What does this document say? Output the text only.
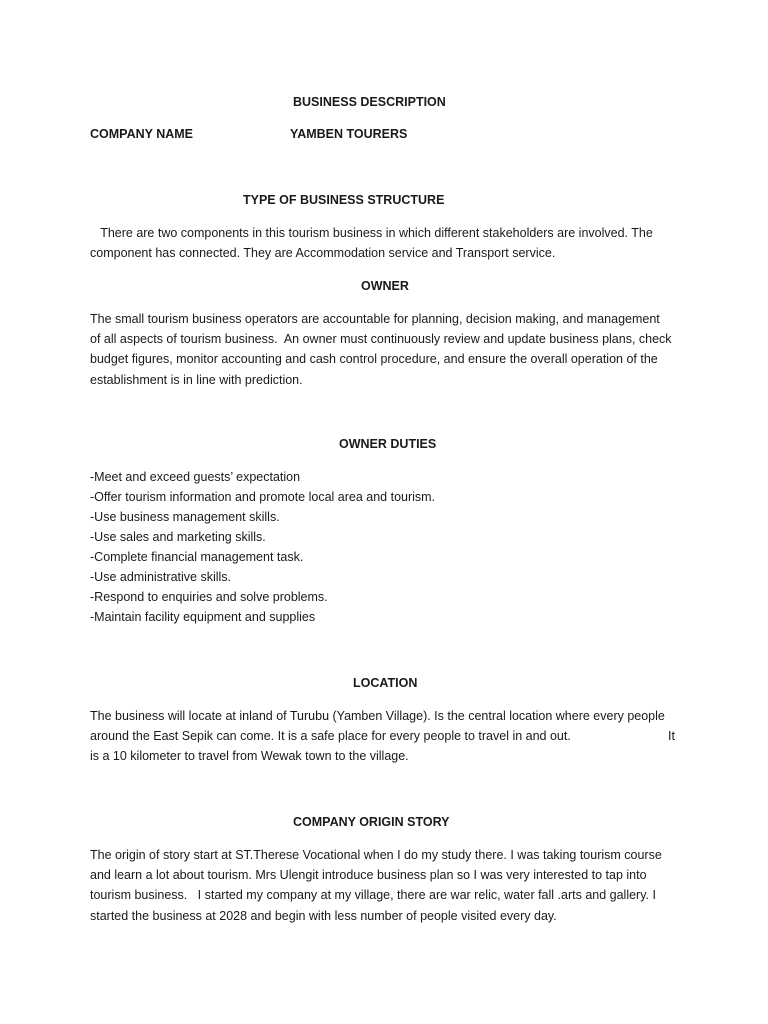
BUSINESS DESCRIPTION

COMPANY NAME	YAMBEN TOURERS

TYPE OF BUSINESS STRUCTURE

There are two components in this tourism business in which different stakeholders are involved. The
component has connected. They are Accommodation service and Transport service.

OWNER

The small tourism business operators are accountable for planning, decision making, and management
of all aspects of tourism business.  An owner must continuously review and update business plans, check
budget figures, monitor accounting and cash control procedure, and ensure the overall operation of the
establishment is in line with prediction.

OWNER DUTIES

-Meet and exceed guests’ expectation
-Offer tourism information and promote local area and tourism.
-Use business management skills.
-Use sales and marketing skills.
-Complete financial management task.
-Use administrative skills.
-Respond to enquiries and solve problems.
-Maintain facility equipment and supplies

LOCATION

The business will locate at inland of Turubu (Yamben Village). Is the central location where every people
around the East Sepik can come. It is a safe place for every people to travel in and out.	It
is a 10 kilometer to travel from Wewak town to the village.

COMPANY ORIGIN STORY

The origin of story start at ST.Therese Vocational when I do my study there. I was taking tourism course
and learn a lot about tourism. Mrs Ulengit introduce business plan so I was very interested to tap into
tourism business.   I started my company at my village, there are war relic, water fall .arts and gallery. I
started the business at 2028 and begin with less number of people visited every day.
